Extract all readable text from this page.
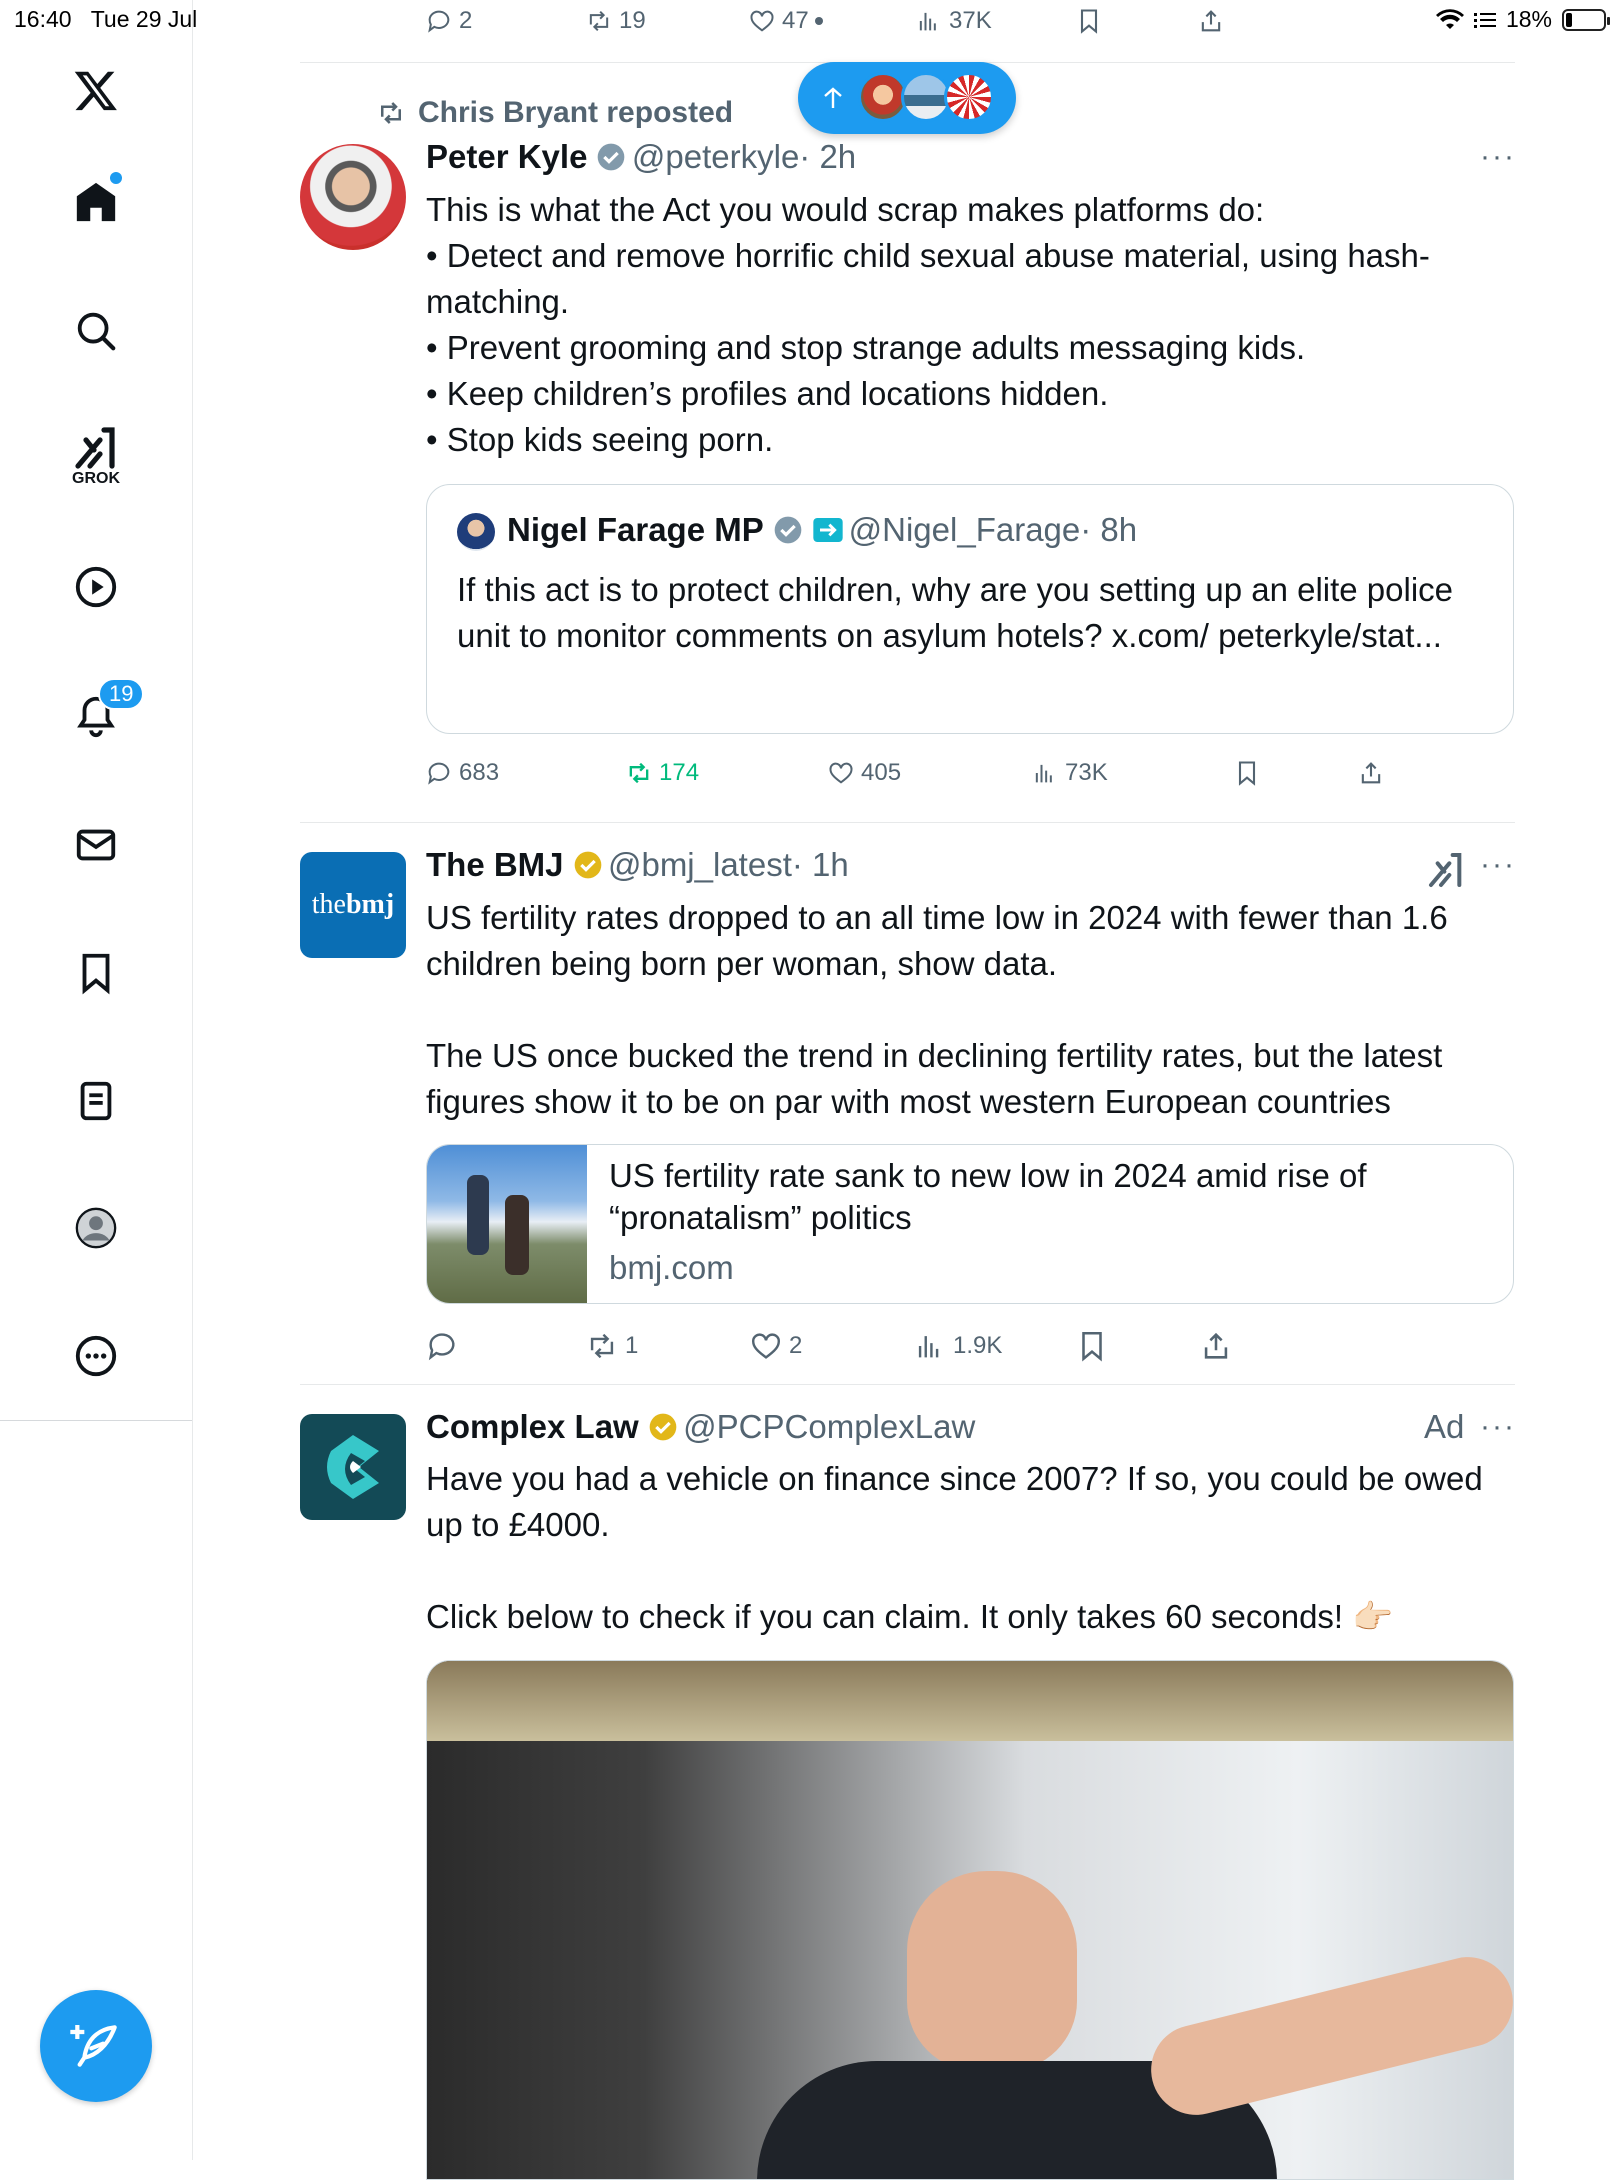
16:40 Tue 29 Jul	18%
GROK
19
2	19	47	37K
Chris Bryant reposted
Peter Kyle @peterkyle· 2h	···

This is what the Act you would scrap makes platforms do:

• Detect and remove horrific child sexual abuse material, using hash-matching.

• Prevent grooming and stop strange adults messaging kids.

• Keep children’s profiles and locations hidden.

• Stop kids seeing porn.

Nigel Farage MP	@Nigel_Farage· 8h
If this act is to protect children, why are you setting up an elite police unit to monitor comments on asylum hotels? x.com/ peterkyle/stat...
683	174	405	73K
the bmj
The BMJ @bmj_latest· 1h	···

US fertility rates dropped to an all time low in 2024 with fewer than 1.6 children being born per woman, show data.

The US once bucked the trend in declining fertility rates, but the latest figures show it to be on par with most western European countries

US fertility rate sank to new low in 2024 amid rise of “pronatalism” politics
bmj.com
1	2	1.9K
Complex Law @PCPComplexLaw	Ad ···

Have you had a vehicle on finance since 2007? If so, you could be owed up to £4000.

Click below to check if you can claim. It only takes 60 seconds! 👉🏻
